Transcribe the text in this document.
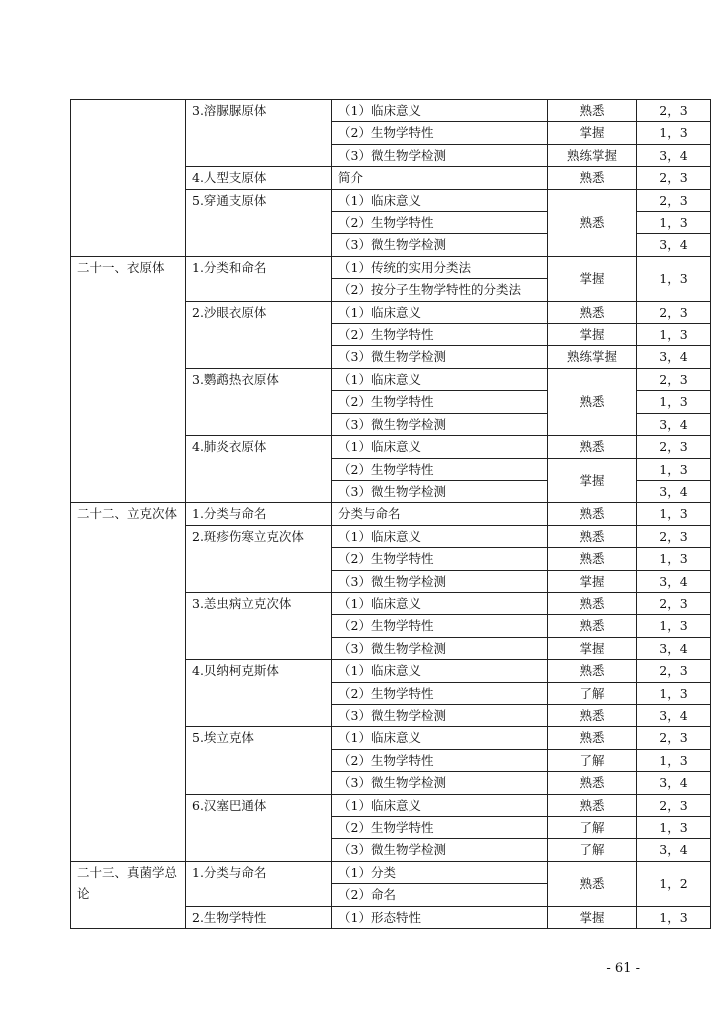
	3.溶脲脲原体	（1）临床意义	熟悉	2，3
		（2）生物学特性	掌握	1，3
		（3）微生物学检测	熟练掌握	3，4
	4.人型支原体	简介	熟悉	2，3
	5.穿通支原体	（1）临床意义	熟悉	2，3
		（2）生物学特性		1，3
		（3）微生物学检测		3，4
二十一、衣原体	1.分类和命名	（1）传统的实用分类法	掌握	1，3
		（2）按分子生物学特性的分类法		
	2.沙眼衣原体	（1）临床意义	熟悉	2，3
		（2）生物学特性	掌握	1，3
		（3）微生物学检测	熟练掌握	3，4
	3.鹦鹉热衣原体	（1）临床意义	熟悉	2，3
		（2）生物学特性		1，3
		（3）微生物学检测		3，4
	4.肺炎衣原体	（1）临床意义	熟悉	2，3
		（2）生物学特性	掌握	1，3
		（3）微生物学检测		3，4
二十二、立克次体	1.分类与命名	分类与命名	熟悉	1，3
	2.斑疹伤寒立克次体	（1）临床意义	熟悉	2，3
		（2）生物学特性	熟悉	1，3
		（3）微生物学检测	掌握	3，4
	3.恙虫病立克次体	（1）临床意义	熟悉	2，3
		（2）生物学特性	熟悉	1，3
		（3）微生物学检测	掌握	3，4
	4.贝纳柯克斯体	（1）临床意义	熟悉	2，3
		（2）生物学特性	了解	1，3
		（3）微生物学检测	熟悉	3，4
	5.埃立克体	（1）临床意义	熟悉	2，3
		（2）生物学特性	了解	1，3
		（3）微生物学检测	熟悉	3，4
	6.汉塞巴通体	（1）临床意义	熟悉	2，3
		（2）生物学特性	了解	1，3
		（3）微生物学检测	了解	3，4
二十三、真菌学总论	1.分类与命名	（1）分类	熟悉	1，2
		（2）命名		
	2.生物学特性	（1）形态特性	掌握	1，3
- 61 -
